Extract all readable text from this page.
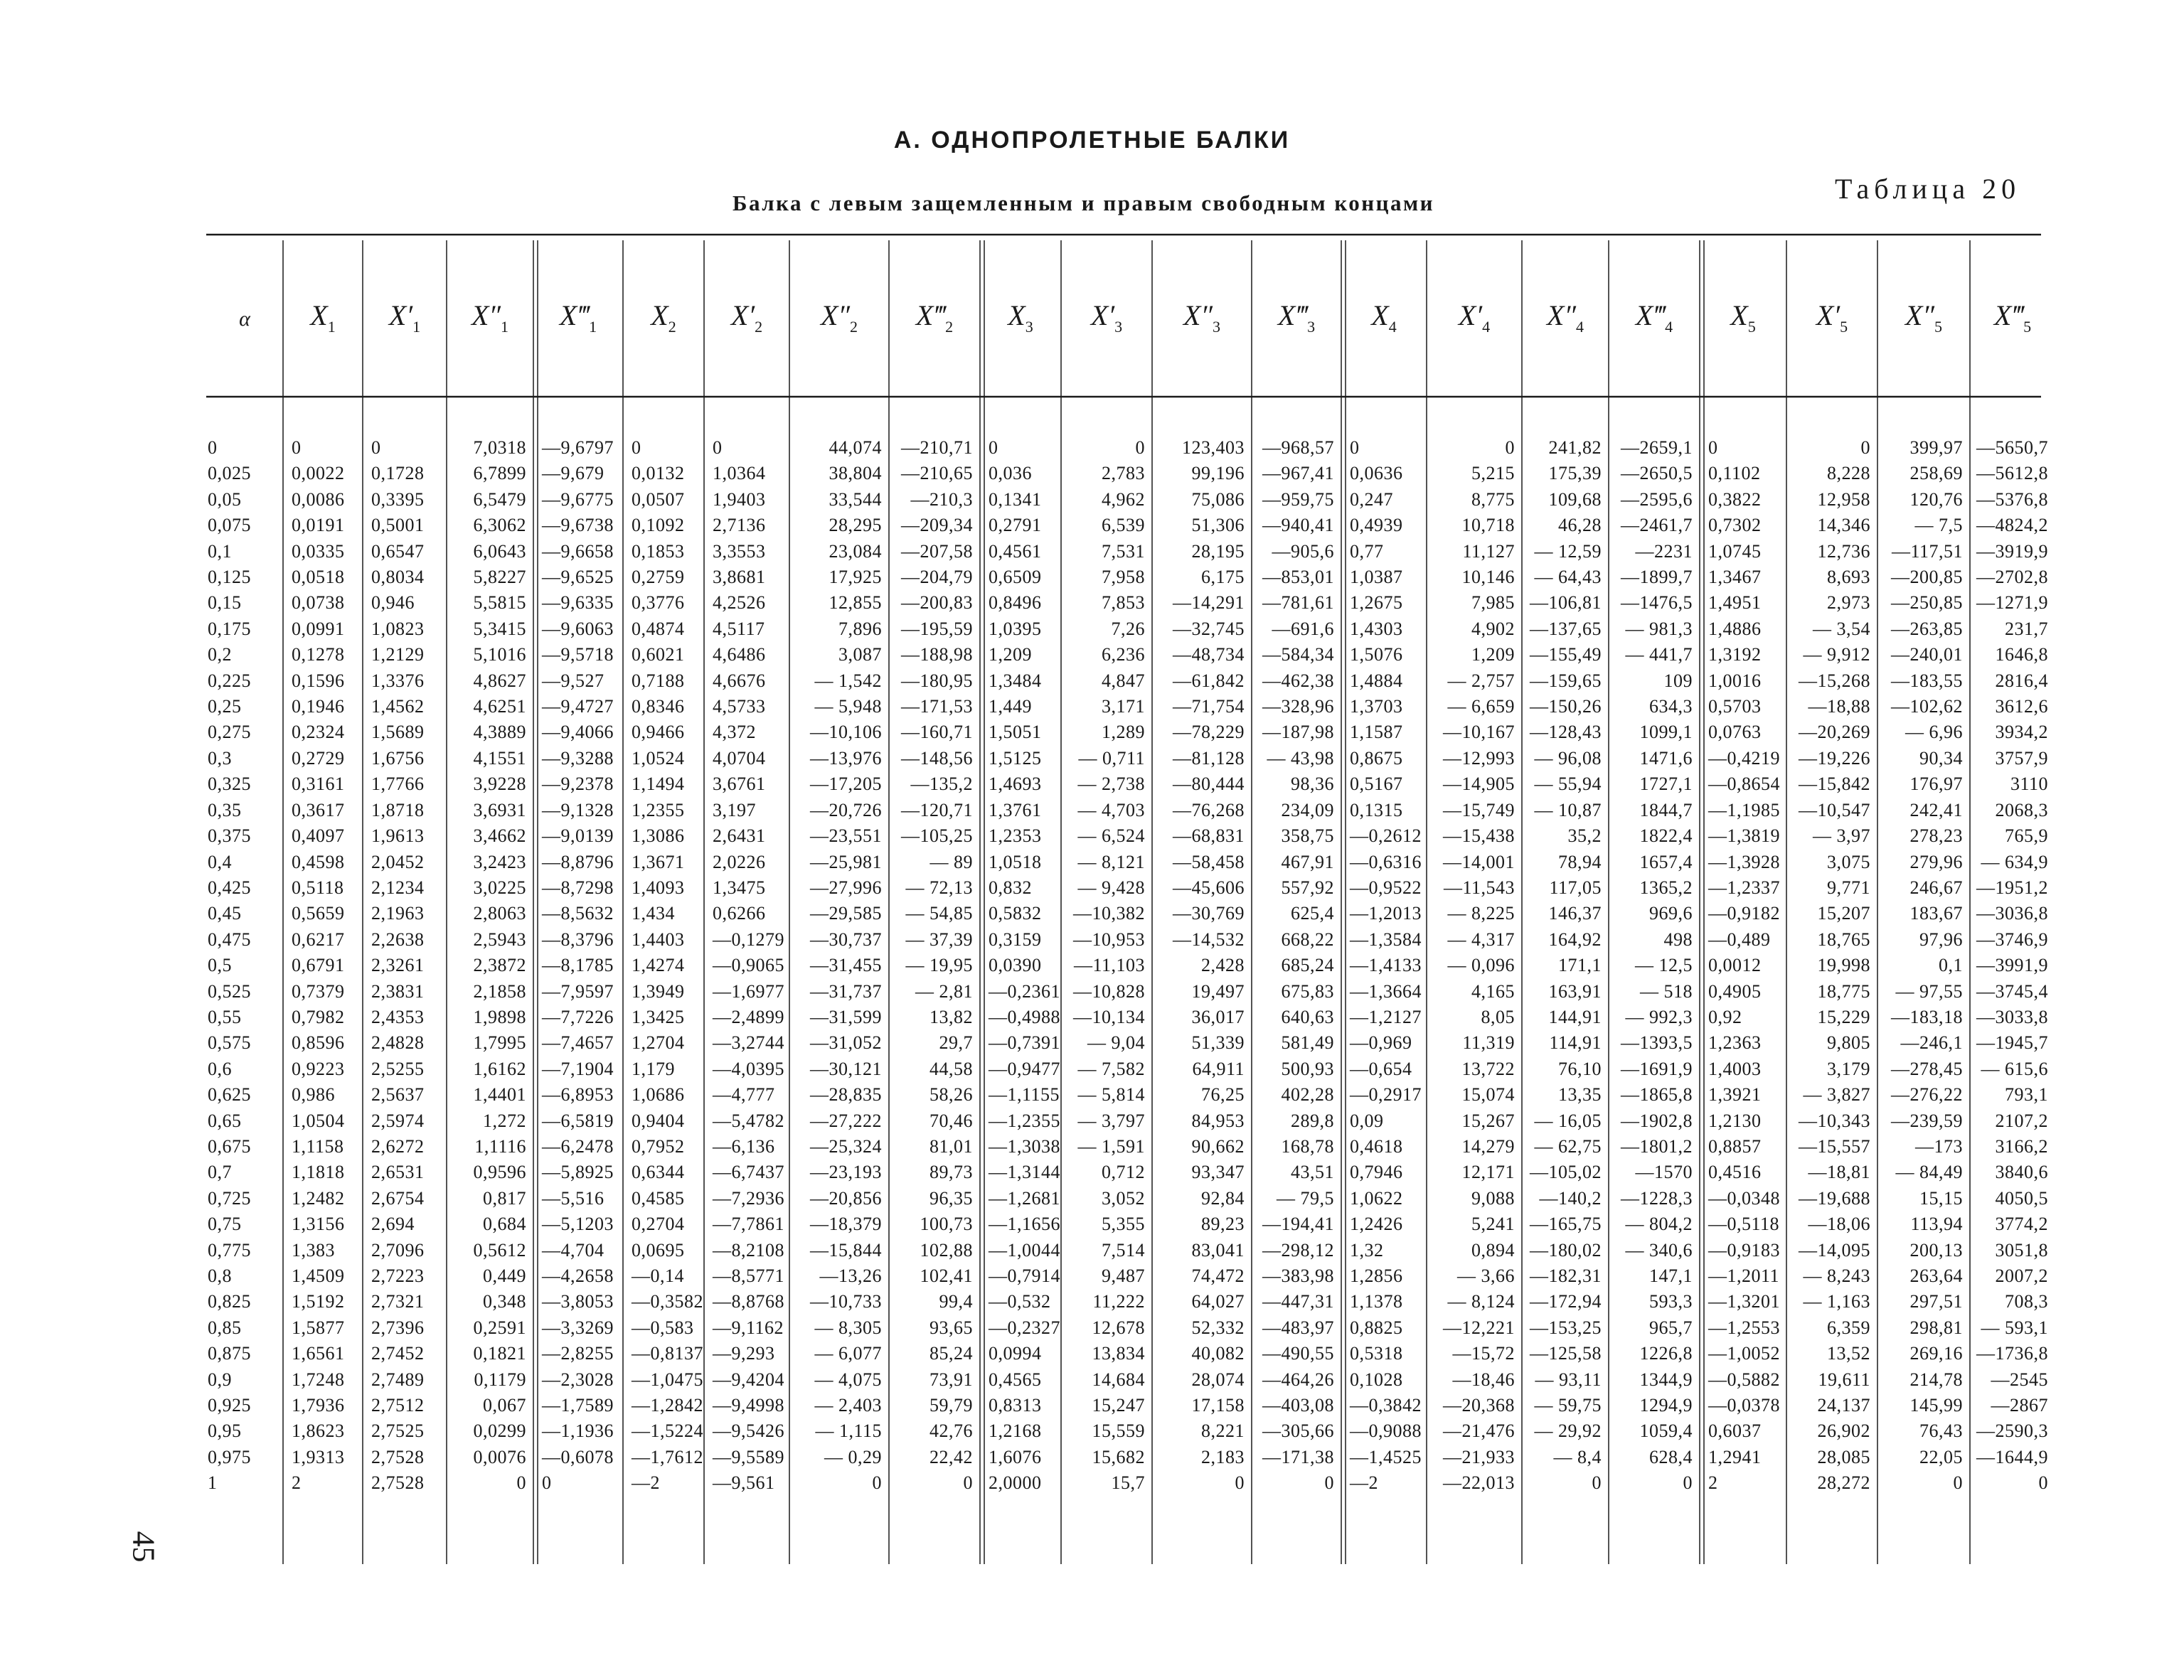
А. ОДНОПРОЛЕТНЫЕ БАЛКИ
Балка с левым защемленным и правым свободным концами	Таблица 20
45
α $X_1$ $X'_1$ $X''_1$ $X‴_1$ $X_2$ $X'_2$ $X''_2$ $X‴_2$ $X_3$ $X'_3$ $X''_3$ $X‴_3$ $X_4$ $X'_4$ $X''_4$ $X‴_4$ $X_5$ $X'_5$ $X''_5$ $X‴_5$
0
0,025
0,05
0,075
0,1
0,125
0,15
0,175
0,2
0,225
0,25
0,275
0,3
0,325
0,35
0,375
0,4
0,425
0,45
0,475
0,5
0,525
0,55
0,575
0,6
0,625
0,65
0,675
0,7
0,725
0,75
0,775
0,8
0,825
0,85
0,875
0,9
0,925
0,95
0,975
1
0
0,0022
0,0086
0,0191
0,0335
0,0518
0,0738
0,0991
0,1278
0,1596
0,1946
0,2324
0,2729
0,3161
0,3617
0,4097
0,4598
0,5118
0,5659
0,6217
0,6791
0,7379
0,7982
0,8596
0,9223
0,986
1,0504
1,1158
1,1818
1,2482
1,3156
1,383
1,4509
1,5192
1,5877
1,6561
1,7248
1,7936
1,8623
1,9313
2
0
0,1728
0,3395
0,5001
0,6547
0,8034
0,946
1,0823
1,2129
1,3376
1,4562
1,5689
1,6756
1,7766
1,8718
1,9613
2,0452
2,1234
2,1963
2,2638
2,3261
2,3831
2,4353
2,4828
2,5255
2,5637
2,5974
2,6272
2,6531
2,6754
2,694
2,7096
2,7223
2,7321
2,7396
2,7452
2,7489
2,7512
2,7525
2,7528
2,7528
7,0318
6,7899
6,5479
6,3062
6,0643
5,8227
5,5815
5,3415
5,1016
4,8627
4,6251
4,3889
4,1551
3,9228
3,6931
3,4662
3,2423
3,0225
2,8063
2,5943
2,3872
2,1858
1,9898
1,7995
1,6162
1,4401
1,272
1,1116
0,9596
0,817
0,684
0,5612
0,449
0,348
0,2591
0,1821
0,1179
0,067
0,0299
0,0076
0
—9,6797
—9,679
—9,6775
—9,6738
—9,6658
—9,6525
—9,6335
—9,6063
—9,5718
—9,527
—9,4727
—9,4066
—9,3288
—9,2378
—9,1328
—9,0139
—8,8796
—8,7298
—8,5632
—8,3796
—8,1785
—7,9597
—7,7226
—7,4657
—7,1904
—6,8953
—6,5819
—6,2478
—5,8925
—5,516
—5,1203
—4,704
—4,2658
—3,8053
—3,3269
—2,8255
—2,3028
—1,7589
—1,1936
—0,6078
0
0
0,0132
0,0507
0,1092
0,1853
0,2759
0,3776
0,4874
0,6021
0,7188
0,8346
0,9466
1,0524
1,1494
1,2355
1,3086
1,3671
1,4093
1,434
1,4403
1,4274
1,3949
1,3425
1,2704
1,179
1,0686
0,9404
0,7952
0,6344
0,4585
0,2704
0,0695
—0,14
—0,3582
—0,583
—0,8137
—1,0475
—1,2842
—1,5224
—1,7612
—2
0
1,0364
1,9403
2,7136
3,3553
3,8681
4,2526
4,5117
4,6486
4,6676
4,5733
4,372
4,0704
3,6761
3,197
2,6431
2,0226
1,3475
0,6266
—0,1279
—0,9065
—1,6977
—2,4899
—3,2744
—4,0395
—4,777
—5,4782
—6,136
—6,7437
—7,2936
—7,7861
—8,2108
—8,5771
—8,8768
—9,1162
—9,293
—9,4204
—9,4998
—9,5426
—9,5589
—9,561
44,074
38,804
33,544
28,295
23,084
17,925
12,855
7,896
3,087
— 1,542
— 5,948
—10,106
—13,976
—17,205
—20,726
—23,551
—25,981
—27,996
—29,585
—30,737
—31,455
—31,737
—31,599
—31,052
—30,121
—28,835
—27,222
—25,324
—23,193
—20,856
—18,379
—15,844
—13,26
—10,733
— 8,305
— 6,077
— 4,075
— 2,403
— 1,115
— 0,29
0
—210,71
—210,65
—210,3
—209,34
—207,58
—204,79
—200,83
—195,59
—188,98
—180,95
—171,53
—160,71
—148,56
—135,2
—120,71
—105,25
— 89
— 72,13
— 54,85
— 37,39
— 19,95
— 2,81
13,82
29,7
44,58
58,26
70,46
81,01
89,73
96,35
100,73
102,88
102,41
99,4
93,65
85,24
73,91
59,79
42,76
22,42
0
0
0,036
0,1341
0,2791
0,4561
0,6509
0,8496
1,0395
1,209
1,3484
1,449
1,5051
1,5125
1,4693
1,3761
1,2353
1,0518
0,832
0,5832
0,3159
0,0390
—0,2361
—0,4988
—0,7391
—0,9477
—1,1155
—1,2355
—1,3038
—1,3144
—1,2681
—1,1656
—1,0044
—0,7914
—0,532
—0,2327
0,0994
0,4565
0,8313
1,2168
1,6076
2,0000
0
2,783
4,962
6,539
7,531
7,958
7,853
7,26
6,236
4,847
3,171
1,289
— 0,711
— 2,738
— 4,703
— 6,524
— 8,121
— 9,428
—10,382
—10,953
—11,103
—10,828
—10,134
— 9,04
— 7,582
— 5,814
— 3,797
— 1,591
0,712
3,052
5,355
7,514
9,487
11,222
12,678
13,834
14,684
15,247
15,559
15,682
15,7
123,403
99,196
75,086
51,306
28,195
6,175
—14,291
—32,745
—48,734
—61,842
—71,754
—78,229
—81,128
—80,444
—76,268
—68,831
—58,458
—45,606
—30,769
—14,532
2,428
19,497
36,017
51,339
64,911
76,25
84,953
90,662
93,347
92,84
89,23
83,041
74,472
64,027
52,332
40,082
28,074
17,158
8,221
2,183
0
—968,57
—967,41
—959,75
—940,41
—905,6
—853,01
—781,61
—691,6
—584,34
—462,38
—328,96
—187,98
— 43,98
98,36
234,09
358,75
467,91
557,92
625,4
668,22
685,24
675,83
640,63
581,49
500,93
402,28
289,8
168,78
43,51
— 79,5
—194,41
—298,12
—383,98
—447,31
—483,97
—490,55
—464,26
—403,08
—305,66
—171,38
0
0
0,0636
0,247
0,4939
0,77
1,0387
1,2675
1,4303
1,5076
1,4884
1,3703
1,1587
0,8675
0,5167
0,1315
—0,2612
—0,6316
—0,9522
—1,2013
—1,3584
—1,4133
—1,3664
—1,2127
—0,969
—0,654
—0,2917
0,09
0,4618
0,7946
1,0622
1,2426
1,32
1,2856
1,1378
0,8825
0,5318
0,1028
—0,3842
—0,9088
—1,4525
—2
0
5,215
8,775
10,718
11,127
10,146
7,985
4,902
1,209
— 2,757
— 6,659
—10,167
—12,993
—14,905
—15,749
—15,438
—14,001
—11,543
— 8,225
— 4,317
— 0,096
4,165
8,05
11,319
13,722
15,074
15,267
14,279
12,171
9,088
5,241
0,894
— 3,66
— 8,124
—12,221
—15,72
—18,46
—20,368
—21,476
—21,933
—22,013
241,82
175,39
109,68
46,28
— 12,59
— 64,43
—106,81
—137,65
—155,49
—159,65
—150,26
—128,43
— 96,08
— 55,94
— 10,87
35,2
78,94
117,05
146,37
164,92
171,1
163,91
144,91
114,91
76,10
13,35
— 16,05
— 62,75
—105,02
—140,2
—165,75
—180,02
—182,31
—172,94
—153,25
—125,58
— 93,11
— 59,75
— 29,92
— 8,4
0
—2659,1
—2650,5
—2595,6
—2461,7
—2231
—1899,7
—1476,5
— 981,3
— 441,7
109
634,3
1099,1
1471,6
1727,1
1844,7
1822,4
1657,4
1365,2
969,6
498
— 12,5
— 518
— 992,3
—1393,5
—1691,9
—1865,8
—1902,8
—1801,2
—1570
—1228,3
— 804,2
— 340,6
147,1
593,3
965,7
1226,8
1344,9
1294,9
1059,4
628,4
0
0
0,1102
0,3822
0,7302
1,0745
1,3467
1,4951
1,4886
1,3192
1,0016
0,5703
0,0763
—0,4219
—0,8654
—1,1985
—1,3819
—1,3928
—1,2337
—0,9182
—0,489
0,0012
0,4905
0,92
1,2363
1,4003
1,3921
1,2130
0,8857
0,4516
—0,0348
—0,5118
—0,9183
—1,2011
—1,3201
—1,2553
—1,0052
—0,5882
—0,0378
0,6037
1,2941
2
0
8,228
12,958
14,346
12,736
8,693
2,973
— 3,54
— 9,912
—15,268
—18,88
—20,269
—19,226
—15,842
—10,547
— 3,97
3,075
9,771
15,207
18,765
19,998
18,775
15,229
9,805
3,179
— 3,827
—10,343
—15,557
—18,81
—19,688
—18,06
—14,095
— 8,243
— 1,163
6,359
13,52
19,611
24,137
26,902
28,085
28,272
399,97
258,69
120,76
— 7,5
—117,51
—200,85
—250,85
—263,85
—240,01
—183,55
—102,62
— 6,96
90,34
176,97
242,41
278,23
279,96
246,67
183,67
97,96
0,1
— 97,55
—183,18
—246,1
—278,45
—276,22
—239,59
—173
— 84,49
15,15
113,94
200,13
263,64
297,51
298,81
269,16
214,78
145,99
76,43
22,05
0
—5650,7
—5612,8
—5376,8
—4824,2
—3919,9
—2702,8
—1271,9
231,7
1646,8
2816,4
3612,6
3934,2
3757,9
3110
2068,3
765,9
— 634,9
—1951,2
—3036,8
—3746,9
—3991,9
—3745,4
—3033,8
—1945,7
— 615,6
793,1
2107,2
3166,2
3840,6
4050,5
3774,2
3051,8
2007,2
708,3
— 593,1
—1736,8
—2545
—2867
—2590,3
—1644,9
0
